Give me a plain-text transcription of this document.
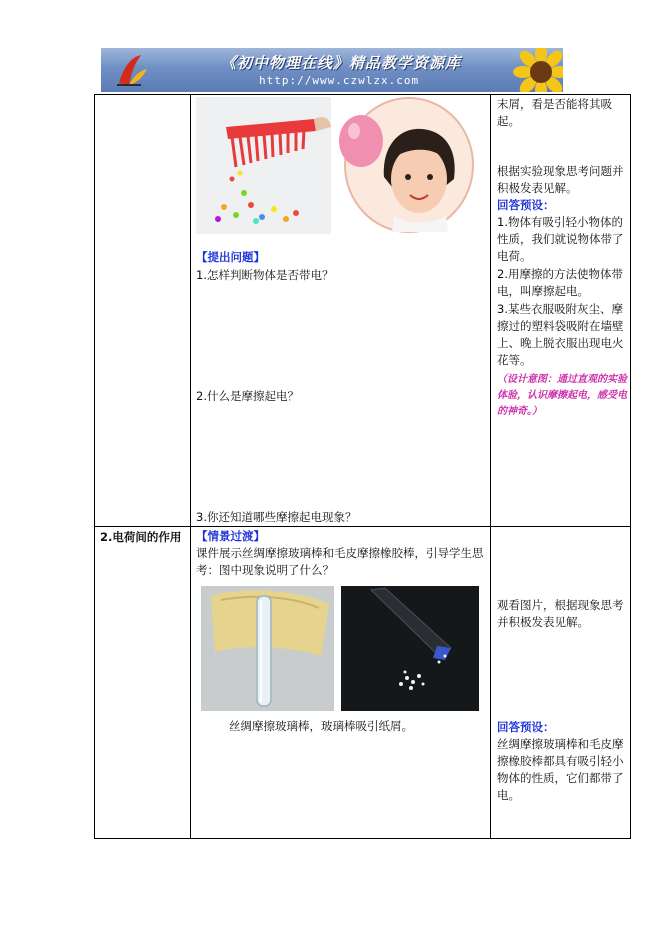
《初中物理在线》精品教学资源库
http://www.czwlzx.com
【提出问题】
1.怎样判断物体是否带电？
2.什么是摩擦起电？
3.你还知道哪些摩擦起电现象？
末屑，看是否能将其吸起。
根据实验现象思考问题并积极发表见解。
回答预设：
1.物体有吸引轻小物体的性质，我们就说物体带了电荷。
2.用摩擦的方法使物体带电，叫摩擦起电。
3.某些衣服吸附灰尘、摩擦过的塑料袋吸附在墙壁上、晚上脱衣服出现电火花等。
（设计意图：通过直观的实验体验，认识摩擦起电，感受电的神奇。）
2.电荷间的作用	【情景过渡】
课件展示丝绸摩擦玻璃棒和毛皮摩擦橡胶棒，引导学生思考：图中现象说明了什么？
丝绸摩擦玻璃棒，玻璃棒吸引纸屑。
观看图片，根据现象思考并积极发表见解。
回答预设：
丝绸摩擦玻璃棒和毛皮摩擦橡胶棒都具有吸引轻小物体的性质，它们都带了电。
